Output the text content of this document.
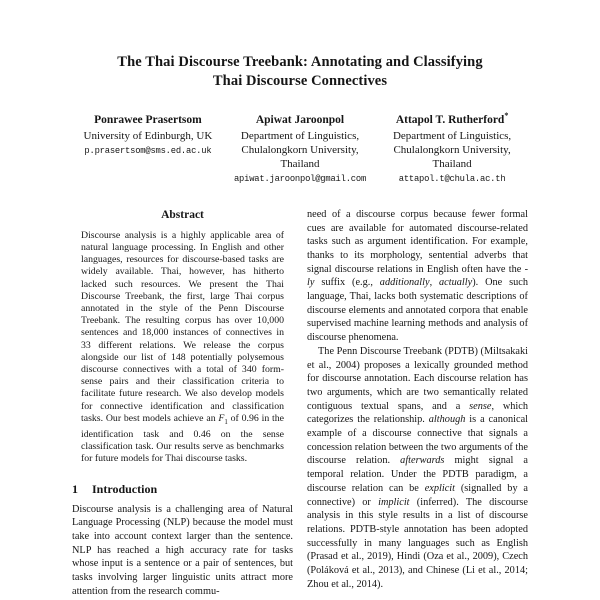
The Thai Discourse Treebank: Annotating and Classifying
Thai Discourse Connectives
Ponrawee Prasertsom
University of Edinburgh, UK
p.prasertsom@sms.ed.ac.uk
Apiwat Jaroonpol
Department of Linguistics,
Chulalongkorn University,
Thailand
apiwat.jaroonpol@gmail.com
Attapol T. Rutherford*
Department of Linguistics,
Chulalongkorn University,
Thailand
attapol.t@chula.ac.th
Abstract

Discourse analysis is a highly applicable area of natural language processing. In English and other languages, resources for discourse-based tasks are widely available. Thai, however, has hitherto lacked such resources. We present the Thai Discourse Treebank, the first, large Thai corpus annotated in the style of the Penn Discourse Treebank. The resulting corpus has over 10,000 sentences and 18,000 instances of connectives in 33 different relations. We release the corpus alongside our list of 148 potentially polysemous discourse connectives with a total of 340 form-sense pairs and their classification criteria to facilitate future research. We also develop models for connective identification and classification tasks. Our best models achieve an $F_1$ of 0.96 in the identification task and 0.46 on the sense classification task. Our results serve as benchmarks for future models for Thai discourse tasks.

1 Introduction

Discourse analysis is a challenging area of Natural Language Processing (NLP) because the model must take into account context larger than the sentence. NLP has reached a high accuracy rate for tasks whose input is a sentence or a pair of sentences, but tasks involving larger linguistic units attract more attention from the research commu-

need of a discourse corpus because fewer formal cues are available for automated discourse-related tasks such as argument identification. For example, thanks to its morphology, sentential adverbs that signal discourse relations in English often have the -ly suffix (e.g., additionally, actually). One such language, Thai, lacks both systematic descriptions of discourse elements and annotated corpora that enable supervised machine learning methods and analysis of discourse phenomena.

The Penn Discourse Treebank (PDTB) (Miltsakaki et al., 2004) proposes a lexically grounded method for discourse annotation. Each discourse relation has two arguments, which are two semantically related contiguous textual spans, and a sense, which categorizes the relationship. although is a canonical example of a discourse connective that signals a concession relation between the two arguments of the discourse relation. afterwards might signal a temporal relation. Under the PDTB paradigm, a discourse relation can be explicit (signalled by a connective) or implicit (inferred). The discourse analysis in this style results in a list of discourse relations. PDTB-style annotation has been adopted successfully in many languages such as English (Prasad et al., 2019), Hindi (Oza et al., 2009), Czech (Poláková et al., 2013), and Chinese (Li et al., 2014; Zhou et al., 2014).
